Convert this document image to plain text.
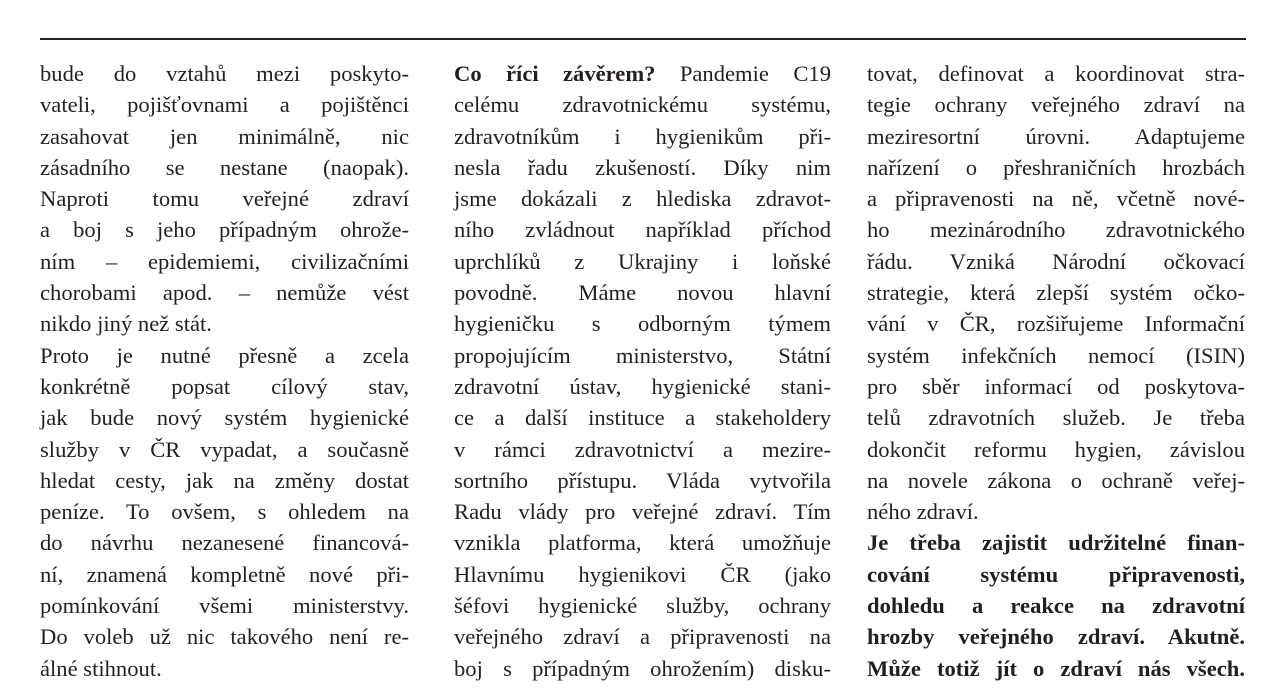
bude do vztahů mezi poskyto-
vateli, pojišťovnami a pojištěnci
zasahovat jen minimálně, nic
zásadního se nestane (naopak).
Naproti tomu veřejné zdraví
a boj s jeho případným ohrože-
ním – epidemiemi, civilizačními
chorobami apod. – nemůže vést
nikdo jiný než stát.
Proto je nutné přesně a zcela
konkrétně popsat cílový stav,
jak bude nový systém hygienické
služby v ČR vypadat, a současně
hledat cesty, jak na změny dostat
peníze. To ovšem, s ohledem na
do návrhu nezanesené financová-
ní, znamená kompletně nové při-
pomínkování všemi ministerstvy.
Do voleb už nic takového není re-
álné stihnout.
Co říci závěrem? Pandemie C19
celému zdravotnickému systému,
zdravotníkům i hygienikům při-
nesla řadu zkušeností. Díky nim
jsme dokázali z hlediska zdravot-
ního zvládnout například příchod
uprchlíků z Ukrajiny i loňské
povodně. Máme novou hlavní
hygieničku s odborným týmem
propojujícím ministerstvo, Státní
zdravotní ústav, hygienické stani-
ce a další instituce a stakeholdery
v rámci zdravotnictví a mezire-
sortního přístupu. Vláda vytvořila
Radu vlády pro veřejné zdraví. Tím
vznikla platforma, která umožňuje
Hlavnímu hygienikovi ČR (jako
šéfovi hygienické služby, ochrany
veřejného zdraví a připravenosti na
boj s případným ohrožením) disku-
tovat, definovat a koordinovat stra-
tegie ochrany veřejného zdraví na
meziresortní úrovni. Adaptujeme
nařízení o přeshraničních hrozbách
a připravenosti na ně, včetně nové-
ho mezinárodního zdravotnického
řádu. Vzniká Národní očkovací
strategie, která zlepší systém očko-
vání v ČR, rozšiřujeme Informační
systém infekčních nemocí (ISIN)
pro sběr informací od poskytova-
telů zdravotních služeb. Je třeba
dokončit reformu hygien, závislou
na novele zákona o ochraně veřej-
ného zdraví.
Je třeba zajistit udržitelné finan-
cování systému připravenosti,
dohledu a reakce na zdravotní
hrozby veřejného zdraví. Akutně.
Může totiž jít o zdraví nás všech.
